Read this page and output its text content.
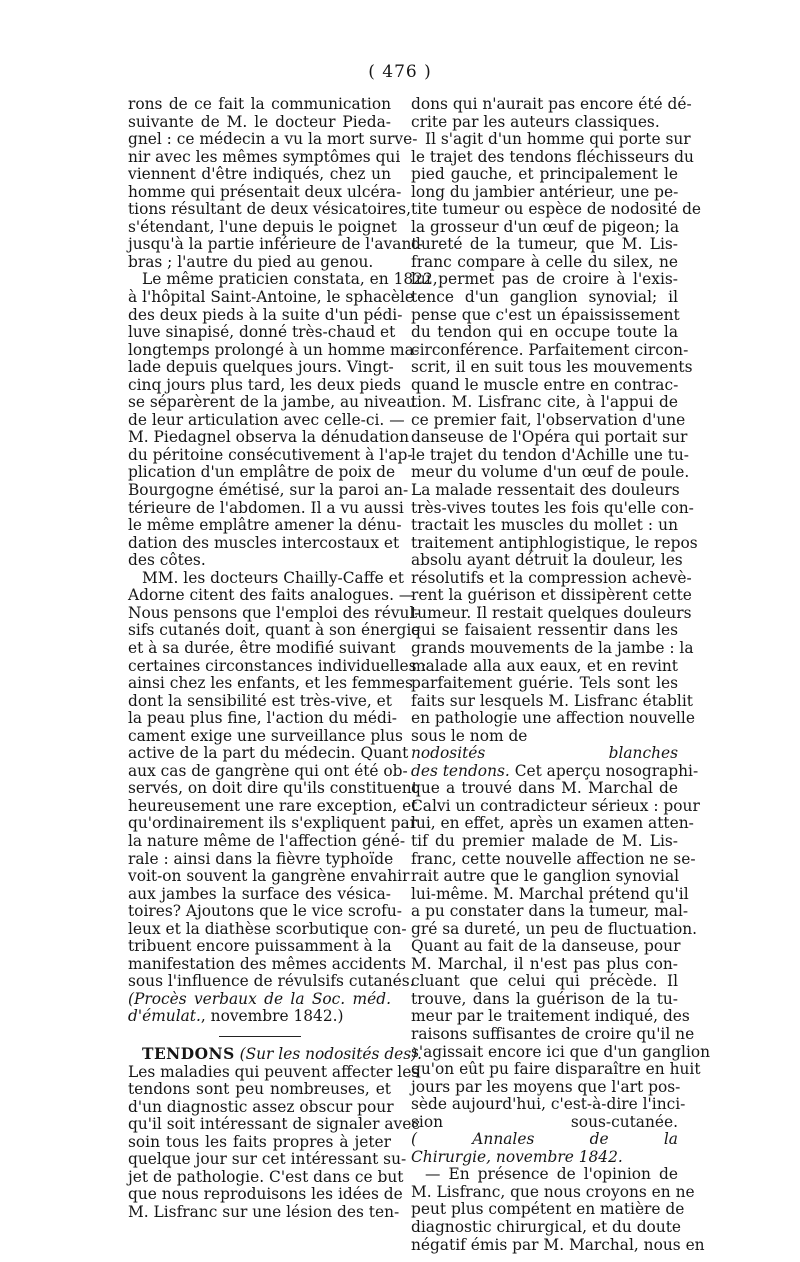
( 476 )
rons de ce fait la communication
suivante de M. le docteur Pieda-
gnel : ce médecin a vu la mort surve-
nir avec les mêmes symptômes qui
viennent d'être indiqués, chez un
homme qui présentait deux ulcéra-
tions résultant de deux vésicatoires,
s'étendant, l'une depuis le poignet
jusqu'à la partie inférieure de l'avant-
bras ; l'autre du pied au genou.
Le même praticien constata, en 1822,
à l'hôpital Saint-Antoine, le sphacèle
des deux pieds à la suite d'un pédi-
luve sinapisé, donné très-chaud et
longtemps prolongé à un homme ma-
lade depuis quelques jours. Vingt-
cinq jours plus tard, les deux pieds
se séparèrent de la jambe, au niveau
de leur articulation avec celle-ci. —
M. Piedagnel observa la dénudation
du péritoine consécutivement à l'ap-
plication d'un emplâtre de poix de
Bourgogne émétisé, sur la paroi an-
térieure de l'abdomen. Il a vu aussi
le même emplâtre amener la dénu-
dation des muscles intercostaux et
des côtes.
MM. les docteurs Chailly-Caffe et
Adorne citent des faits analogues. —
Nous pensons que l'emploi des révul-
sifs cutanés doit, quant à son énergie
et à sa durée, être modifié suivant
certaines circonstances individuelles :
ainsi chez les enfants, et les femmes
dont la sensibilité est très-vive, et
la peau plus fine, l'action du médi-
cament exige une surveillance plus
active de la part du médecin. Quant
aux cas de gangrène qui ont été ob-
servés, on doit dire qu'ils constituent
heureusement une rare exception, et
qu'ordinairement ils s'expliquent par
la nature même de l'affection géné-
rale : ainsi dans la fièvre typhoïde
voit-on souvent la gangrène envahir
aux jambes la surface des vésica-
toires? Ajoutons que le vice scrofu-
leux et la diathèse scorbutique con-
tribuent encore puissamment à la
manifestation des mêmes accidents
sous l'influence de révulsifs cutanés.
(Procès verbaux de la Soc. méd.
d'émulat., novembre 1842.)
TENDONS (Sur les nodosités des).
Les maladies qui peuvent affecter les
tendons sont peu nombreuses, et
d'un diagnostic assez obscur pour
qu'il soit intéressant de signaler avec
soin tous les faits propres à jeter
quelque jour sur cet intéressant su-
jet de pathologie. C'est dans ce but
que nous reproduisons les idées de
M. Lisfranc sur une lésion des ten-
dons qui n'aurait pas encore été dé-
crite par les auteurs classiques.
Il s'agit d'un homme qui porte sur
le trajet des tendons fléchisseurs du
pied gauche, et principalement le
long du jambier antérieur, une pe-
tite tumeur ou espèce de nodosité de
la grosseur d'un œuf de pigeon; la
dureté de la tumeur, que M. Lis-
franc compare à celle du silex, ne
lui permet pas de croire à l'exis-
tence d'un ganglion synovial; il
pense que c'est un épaississement
du tendon qui en occupe toute la
circonférence. Parfaitement circon-
scrit, il en suit tous les mouvements
quand le muscle entre en contrac-
tion. M. Lisfranc cite, à l'appui de
ce premier fait, l'observation d'une
danseuse de l'Opéra qui portait sur
le trajet du tendon d'Achille une tu-
meur du volume d'un œuf de poule.
La malade ressentait des douleurs
très-vives toutes les fois qu'elle con-
tractait les muscles du mollet : un
traitement antiphlogistique, le repos
absolu ayant détruit la douleur, les
résolutifs et la compression achevè-
rent la guérison et dissipèrent cette
tumeur. Il restait quelques douleurs
qui se faisaient ressentir dans les
grands mouvements de la jambe : la
malade alla aux eaux, et en revint
parfaitement guérie. Tels sont les
faits sur lesquels M. Lisfranc établit
en pathologie une affection nouvelle
sous le nom de
nodosités blanches
des tendons. Cet aperçu nosographi-
que a trouvé dans M. Marchal de
Calvi un contradicteur sérieux : pour
lui, en effet, après un examen atten-
tif du premier malade de M. Lis-
franc, cette nouvelle affection ne se-
rait autre que le ganglion synovial
lui-même. M. Marchal prétend qu'il
a pu constater dans la tumeur, mal-
gré sa dureté, un peu de fluctuation.
Quant au fait de la danseuse, pour
M. Marchal, il n'est pas plus con-
cluant que celui qui précède. Il
trouve, dans la guérison de la tu-
meur par le traitement indiqué, des
raisons suffisantes de croire qu'il ne
s'agissait encore ici que d'un ganglion
qu'on eût pu faire disparaître en huit
jours par les moyens que l'art pos-
sède aujourd'hui, c'est-à-dire l'inci-
sion sous-cutanée.
( Annales de la
Chirurgie, novembre 1842.
— En présence de l'opinion de
M. Lisfranc, que nous croyons en ne
peut plus compétent en matière de
diagnostic chirurgical, et du doute
négatif émis par M. Marchal, nous en
